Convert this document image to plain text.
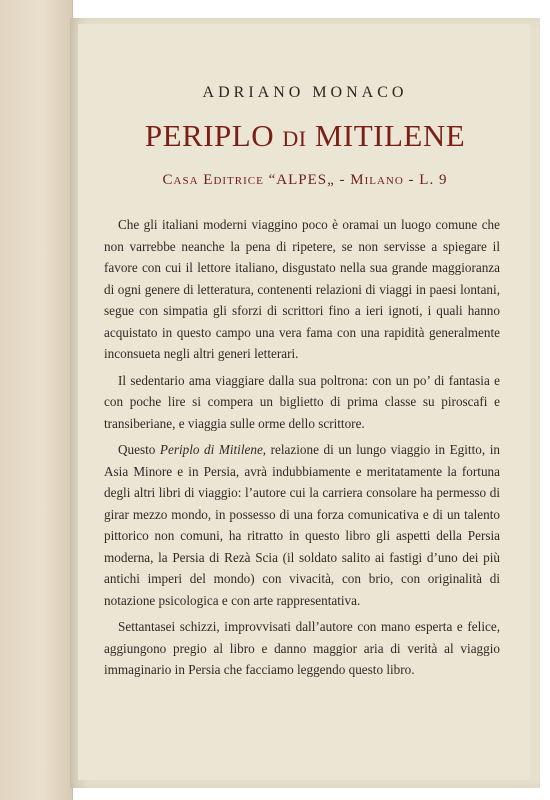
ADRIANO MONACO
PERIPLO di MITILENE
Casa Editrice “ALPES„ - Milano - L. 9

Che gli italiani moderni viaggino poco è oramai un luogo comune che non varrebbe neanche la pena di ripetere, se non servisse a spiegare il favore con cui il lettore italiano, disgustato nella sua grande maggioranza di ogni genere di letteratura, contenenti relazioni di viaggi in paesi lontani, segue con simpatia gli sforzi di scrittori fino a ieri ignoti, i quali hanno acquistato in questo campo una vera fama con una rapidità generalmente inconsueta negli altri generi letterari.

Il sedentario ama viaggiare dalla sua poltrona: con un po’ di fantasia e con poche lire si compera un biglietto di prima classe su piroscafi e transiberiane, e viaggia sulle orme dello scrittore.

Questo Periplo di Mitilene, relazione di un lungo viaggio in Egitto, in Asia Minore e in Persia, avrà indubbiamente e meritatamente la fortuna degli altri libri di viaggio: l’autore cui la carriera consolare ha permesso di girar mezzo mondo, in possesso di una forza comunicativa e di un talento pittorico non comuni, ha ritratto in questo libro gli aspetti della Persia moderna, la Persia di Rezà Scia (il soldato salito ai fastigi d’uno dei più antichi imperi del mondo) con vivacità, con brio, con originalità di notazione psicologica e con arte rappresentativa.

Settantasei schizzi, improvvisati dall’autore con mano esperta e felice, aggiungono pregio al libro e danno maggior aria di verità al viaggio immaginario in Persia che facciamo leggendo questo libro.
